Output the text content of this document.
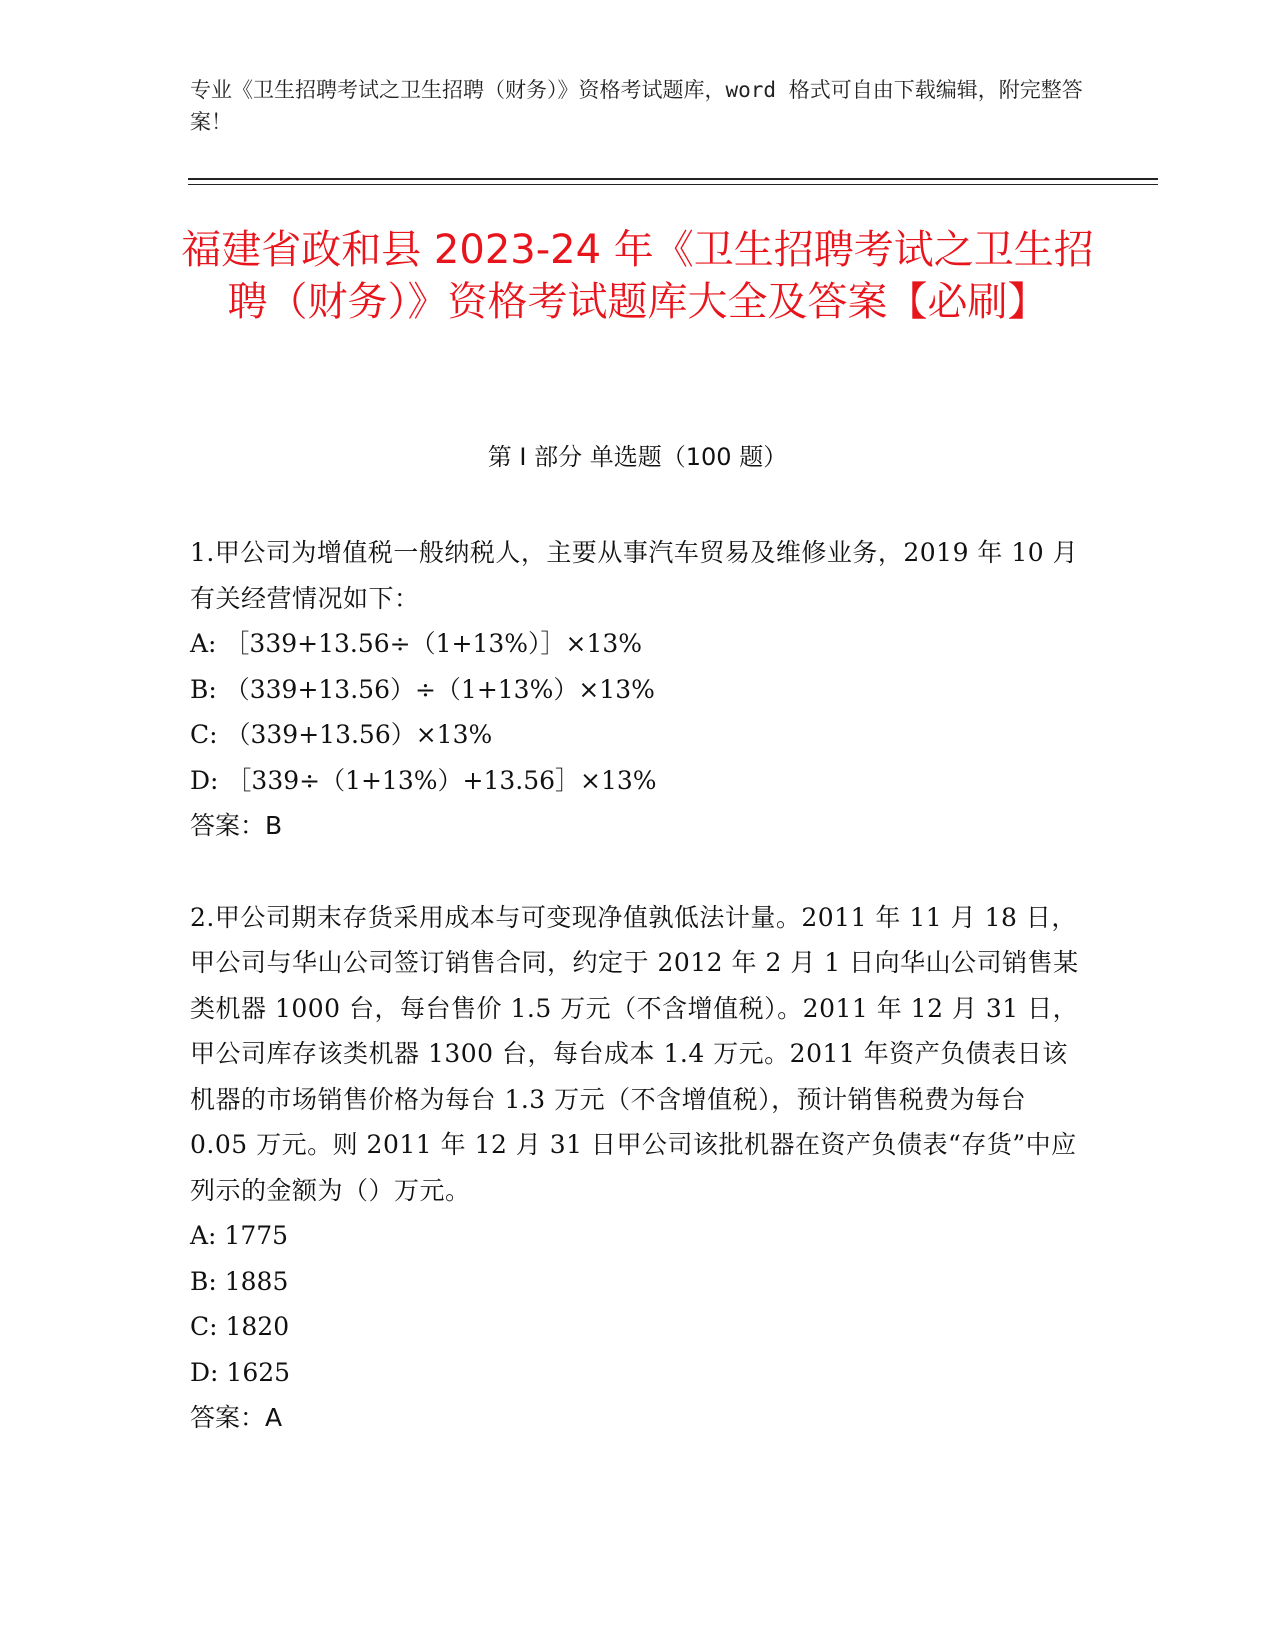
专业《卫生招聘考试之卫生招聘（财务）》资格考试题库，word 格式可自由下载编辑，附完整答案！
福建省政和县 2023-24 年《卫生招聘考试之卫生招聘（财务）》资格考试题库大全及答案【必刷】
第 I 部分 单选题（100 题）

1.甲公司为增值税一般纳税人，主要从事汽车贸易及维修业务，2019 年 10 月有关经营情况如下：

A: ［339+13.56÷（1+13%）］×13%
B: （339+13.56）÷（1+13%）×13%
C: （339+13.56）×13%
D: ［339÷（1+13%）+13.56］×13%

答案：B

2.甲公司期末存货采用成本与可变现净值孰低法计量。2011 年 11 月 18 日，甲公司与华山公司签订销售合同，约定于 2012 年 2 月 1 日向华山公司销售某类机器 1000 台，每台售价 1.5 万元（不含增值税）。2011 年 12 月 31 日，甲公司库存该类机器 1300 台，每台成本 1.4 万元。2011 年资产负债表日该机器的市场销售价格为每台 1.3 万元（不含增值税），预计销售税费为每台 0.05 万元。则 2011 年 12 月 31 日甲公司该批机器在资产负债表“存货”中应列示的金额为（）万元。

A: 1775
B: 1885
C: 1820
D: 1625

答案：A
